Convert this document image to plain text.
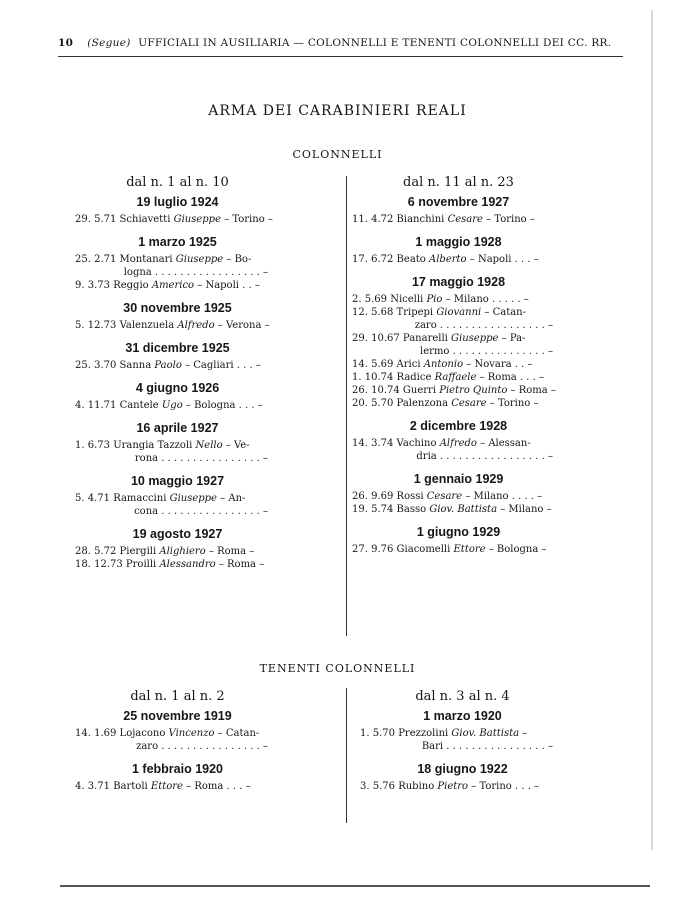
10 (Segue) UFFICIALI IN AUSILIARIA — COLONNELLI E TENENTI COLONNELLI DEI CC. RR.
ARMA DEI CARABINIERI REALI
COLONNELLI
dal n. 1 al n. 10
19 luglio 1924
29. 5.71 Schiavetti Giuseppe – Torino –
1 marzo 1925
25. 2.71 Montanari Giuseppe – Bo-
logna . . . . . . . . . . . . . . . . . –
9. 3.73 Reggio Americo – Napoli . . –
30 novembre 1925
5. 12.73 Valenzuela Alfredo – Verona –
31 dicembre 1925
25. 3.70 Sanna Paolo – Cagliari . . . –
4 giugno 1926
4. 11.71 Cantele Ugo – Bologna . . . –
16 aprile 1927
1. 6.73 Urangia Tazzoli Nello – Ve-
rona . . . . . . . . . . . . . . . . –
10 maggio 1927
5. 4.71 Ramaccini Giuseppe – An-
cona . . . . . . . . . . . . . . . . –
19 agosto 1927
28. 5.72 Piergili Alighiero – Roma –
18. 12.73 Proilli Alessandro – Roma –
dal n. 11 al n. 23
6 novembre 1927
11. 4.72 Bianchini Cesare – Torino –
1 maggio 1928
17. 6.72 Beato Alberto – Napoli . . . –
17 maggio 1928
2. 5.69 Nicelli Pio – Milano . . . . . –
12. 5.68 Tripepi Giovanni – Catan-
zaro . . . . . . . . . . . . . . . . . –
29. 10.67 Panarelli Giuseppe – Pa-
lermo . . . . . . . . . . . . . . . –
14. 5.69 Arici Antonio – Novara . . –
1. 10.74 Radice Raffaele – Roma . . . –
26. 10.74 Guerri Pietro Quinto – Roma –
20. 5.70 Palenzona Cesare – Torino –
2 dicembre 1928
14. 3.74 Vachino Alfredo – Alessan-
dria . . . . . . . . . . . . . . . . . –
1 gennaio 1929
26. 9.69 Rossi Cesare – Milano . . . . –
19. 5.74 Basso Giov. Battista – Milano –
1 giugno 1929
27. 9.76 Giacomelli Ettore – Bologna –
TENENTI COLONNELLI
dal n. 1 al n. 2
25 novembre 1919
14. 1.69 Lojacono Vincenzo – Catan-
zaro . . . . . . . . . . . . . . . . –
1 febbraio 1920
4. 3.71 Bartoli Ettore – Roma . . . –
dal n. 3 al n. 4
1 marzo 1920
1. 5.70 Prezzolini Giov. Battista –
Bari . . . . . . . . . . . . . . . . –
18 giugno 1922
3. 5.76 Rubino Pietro – Torino . . . –
